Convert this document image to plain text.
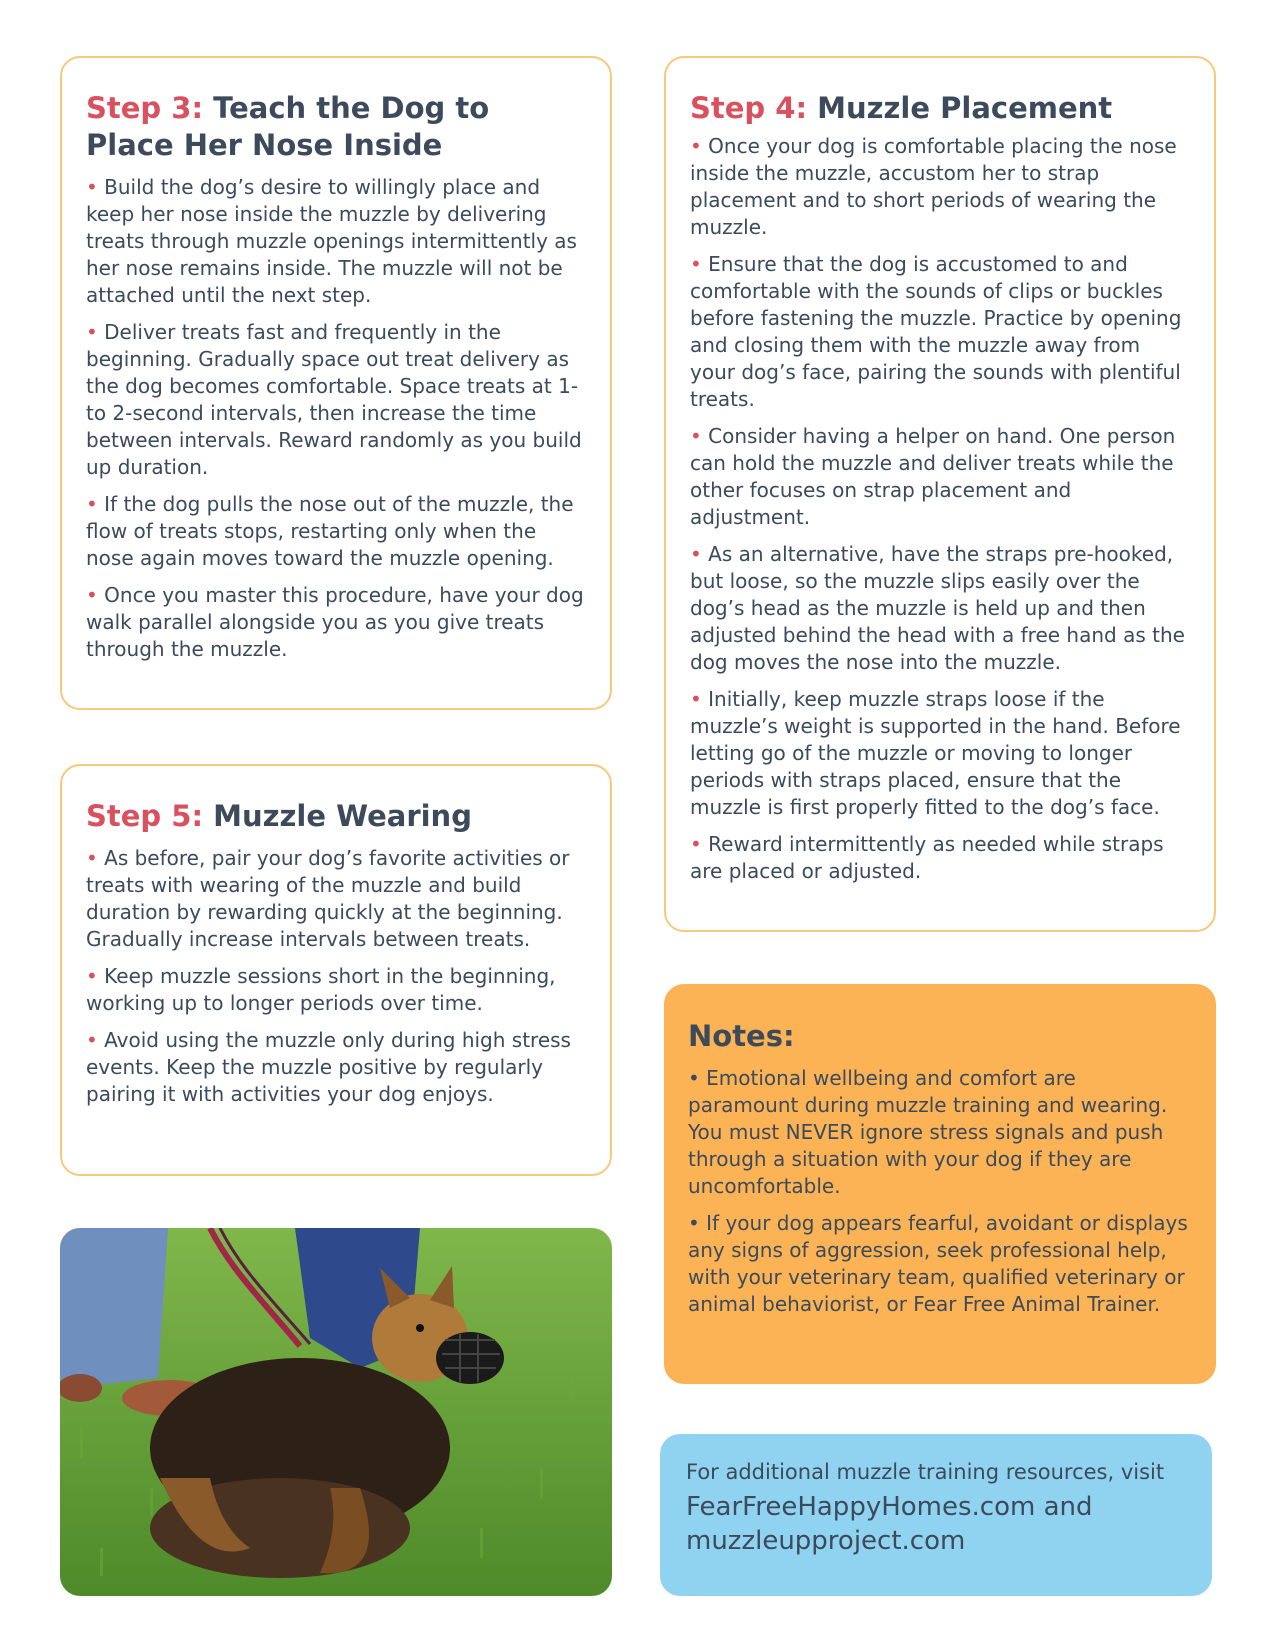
Step 3: Teach the Dog to Place Her Nose Inside

• Build the dog’s desire to willingly place and keep her nose inside the muzzle by delivering treats through muzzle openings intermittently as her nose remains inside. The muzzle will not be attached until the next step.

• Deliver treats fast and frequently in the beginning. Gradually space out treat delivery as the dog becomes comfortable. Space treats at 1- to 2-second intervals, then increase the time between intervals. Reward randomly as you build up duration.

• If the dog pulls the nose out of the muzzle, the flow of treats stops, restarting only when the nose again moves toward the muzzle opening.

• Once you master this procedure, have your dog walk parallel alongside you as you give treats through the muzzle.

Step 4: Muzzle Placement

• Once your dog is comfortable placing the nose inside the muzzle, accustom her to strap placement and to short periods of wearing the muzzle.

• Ensure that the dog is accustomed to and comfortable with the sounds of clips or buckles before fastening the muzzle. Practice by opening and closing them with the muzzle away from your dog’s face, pairing the sounds with plentiful treats.

• Consider having a helper on hand. One person can hold the muzzle and deliver treats while the other focuses on strap placement and adjustment.

• As an alternative, have the straps pre-hooked, but loose, so the muzzle slips easily over the dog’s head as the muzzle is held up and then adjusted behind the head with a free hand as the dog moves the nose into the muzzle.

• Initially, keep muzzle straps loose if the muzzle’s weight is supported in the hand. Before letting go of the muzzle or moving to longer periods with straps placed, ensure that the muzzle is first properly fitted to the dog’s face.

• Reward intermittently as needed while straps are placed or adjusted.

Step 5: Muzzle Wearing

• As before, pair your dog’s favorite activities or treats with wearing of the muzzle and build duration by rewarding quickly at the beginning. Gradually increase intervals between treats.

• Keep muzzle sessions short in the beginning, working up to longer periods over time.

• Avoid using the muzzle only during high stress events. Keep the muzzle positive by regularly pairing it with activities your dog enjoys.

Notes:

• Emotional wellbeing and comfort are paramount during muzzle training and wearing. You must NEVER ignore stress signals and push through a situation with your dog if they are uncomfortable.

• If your dog appears fearful, avoidant or displays any signs of aggression, seek professional help, with your veterinary team, qualified veterinary or animal behaviorist, or Fear Free Animal Trainer.

For additional muzzle training resources, visit

FearFreeHappyHomes.com and muzzleupproject.com
